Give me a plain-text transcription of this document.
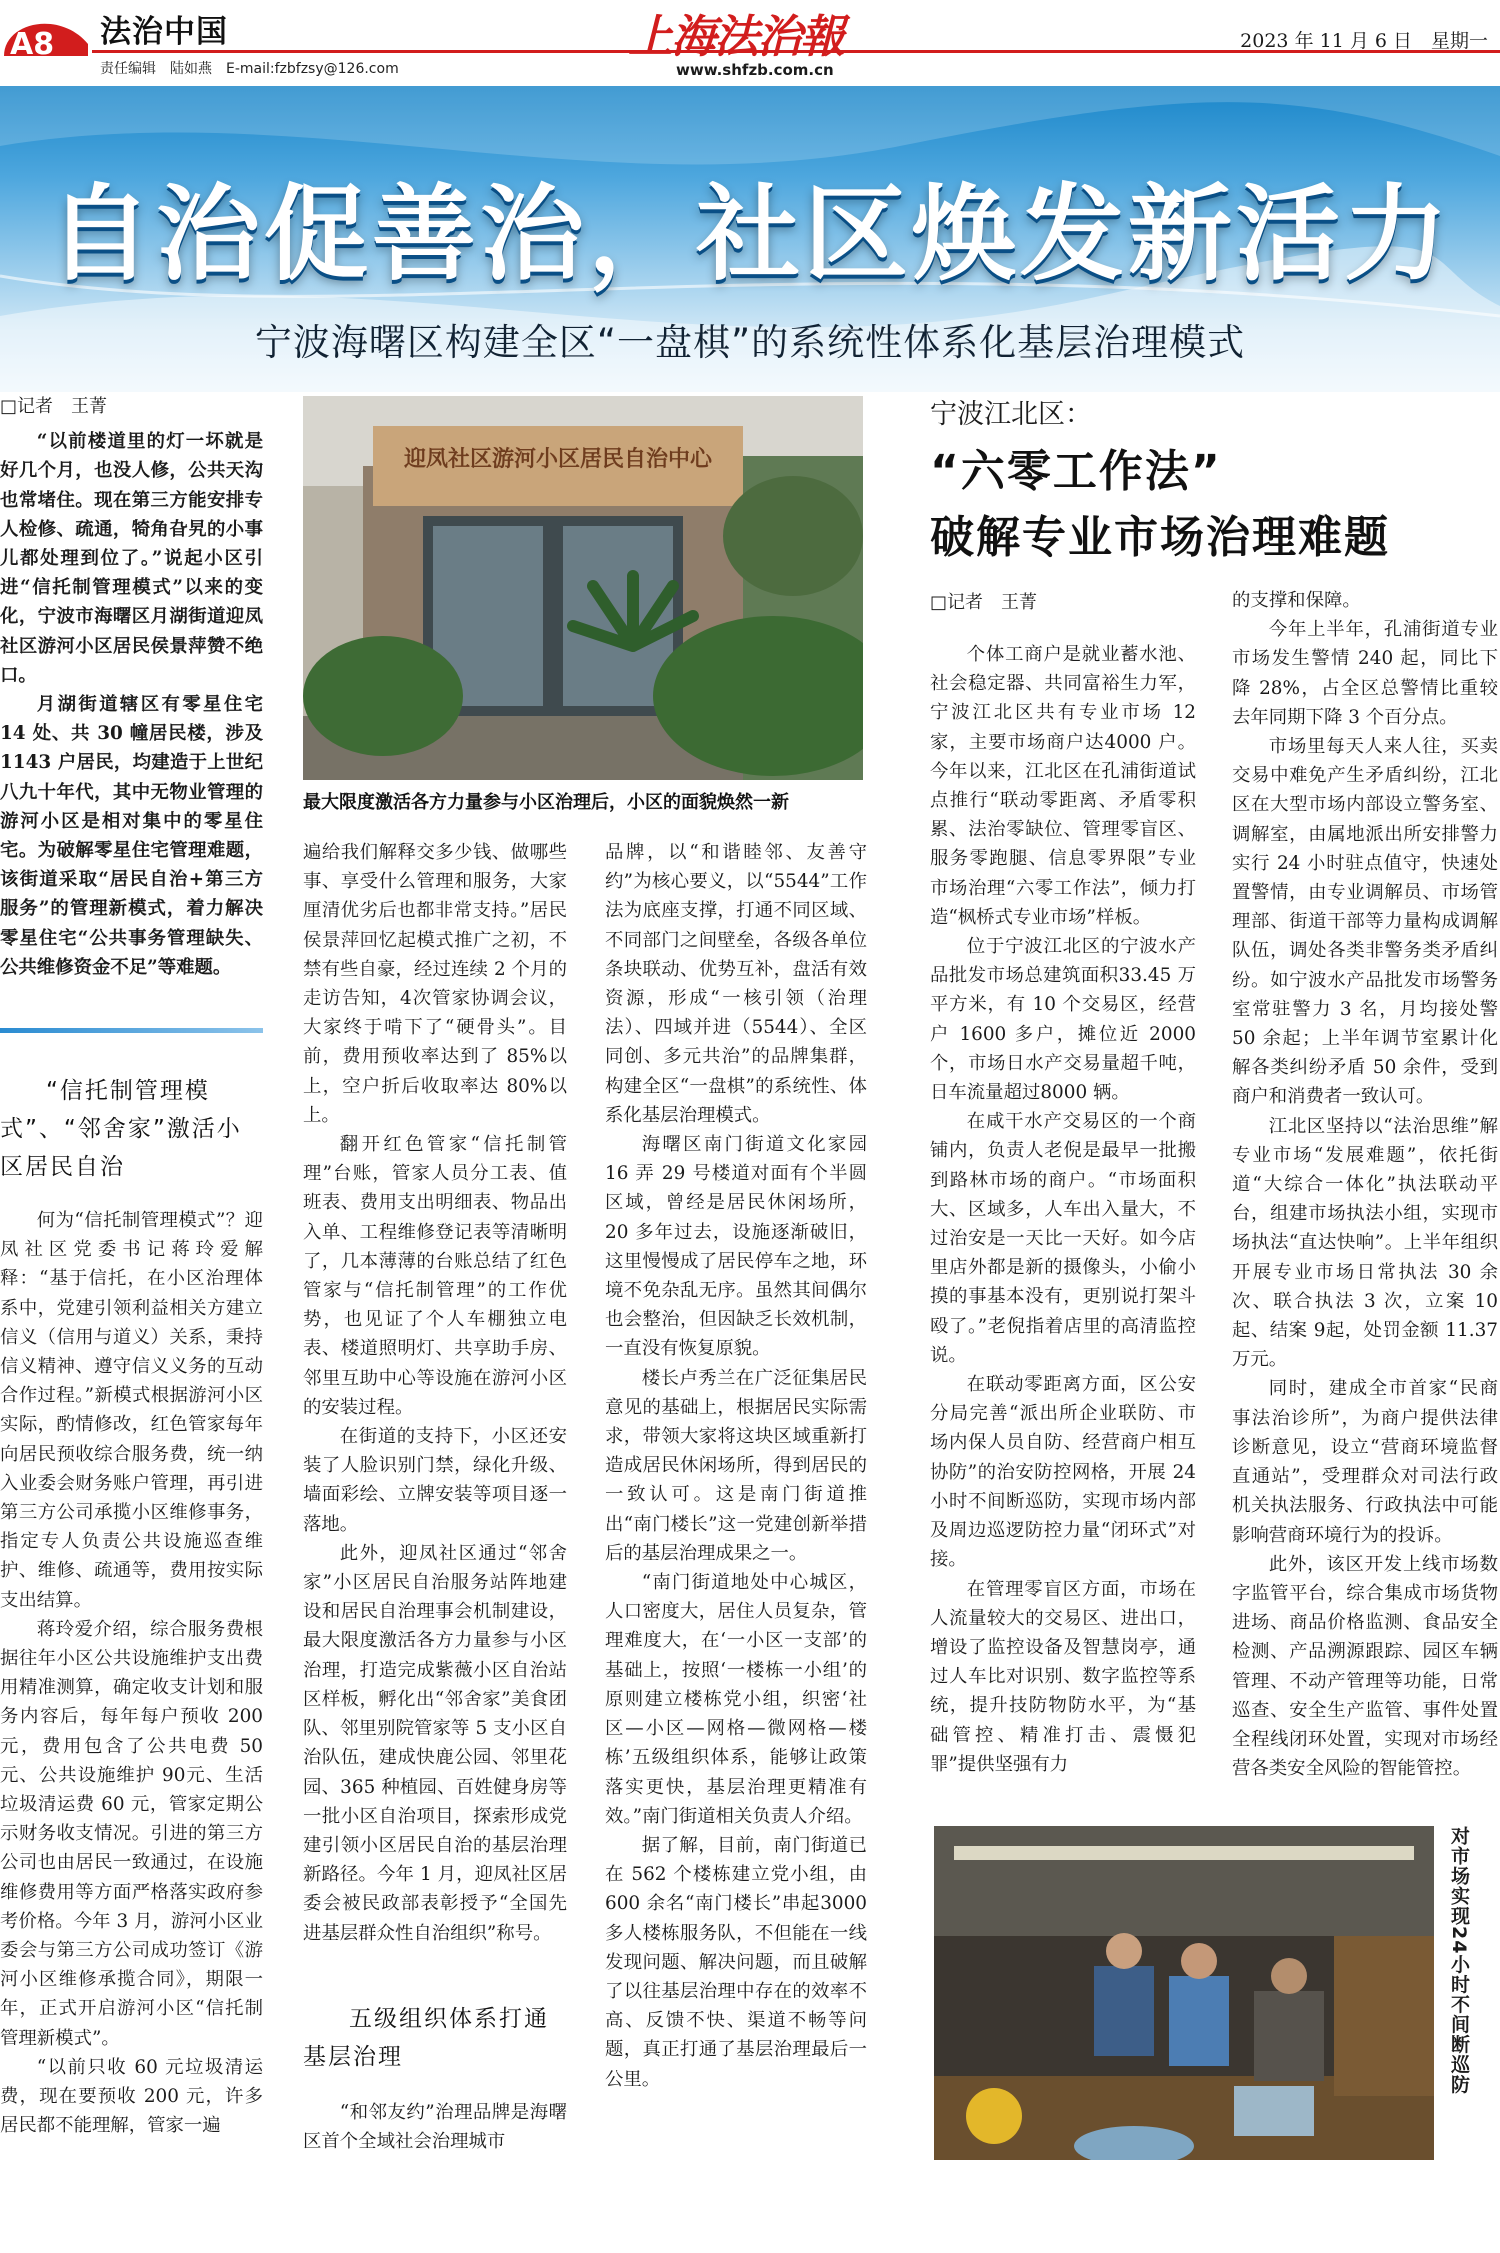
A8 法治中国
责任编辑　陆如燕　E-mail:fzbfzsy@126.com
上海法治報
www.shfzb.com.cn
2023 年 11 月 6 日　星期一
自治促善治，社区焕发新活力
宁波海曙区构建全区“一盘棋”的系统性体系化基层治理模式
□记者　王菁

“以前楼道里的灯一坏就是好几个月，也没人修，公共天沟也常堵住。现在第三方能安排专人检修、疏通，犄角旮旯的小事儿都处理到位了。”说起小区引进“信托制管理模式”以来的变化，宁波市海曙区月湖街道迎凤社区游河小区居民侯景萍赞不绝口。

月湖街道辖区有零星住宅14 处、共 30 幢居民楼，涉及1143 户居民，均建造于上世纪八九十年代，其中无物业管理的游河小区是相对集中的零星住宅。为破解零星住宅管理难题，该街道采取“居民自治+第三方服务”的管理新模式，着力解决零星住宅“公共事务管理缺失、公共维修资金不足”等难题。

“信托制管理模式”、“邻舍家”激活小区居民自治

何为“信托制管理模式”？迎凤社区党委书记蒋玲爱解释：“基于信托，在小区治理体系中，党建引领利益相关方建立信义（信用与道义）关系，秉持信义精神、遵守信义义务的互动合作过程。”新模式根据游河小区实际，酌情修改，红色管家每年向居民预收综合服务费，统一纳入业委会财务账户管理，再引进第三方公司承揽小区维修事务，指定专人负责公共设施巡查维护、维修、疏通等，费用按实际支出结算。

蒋玲爱介绍，综合服务费根据往年小区公共设施维护支出费用精准测算，确定收支计划和服务内容后，每年每户预收 200 元，费用包含了公共电费 50 元、公共设施维护 90元、生活垃圾清运费 60 元，管家定期公示财务收支情况。引进的第三方公司也由居民一致通过，在设施维修费用等方面严格落实政府参考价格。今年 3 月，游河小区业委会与第三方公司成功签订《游河小区维修承揽合同》，期限一年，正式开启游河小区“信托制管理新模式”。

“以前只收 60 元垃圾清运费，现在要预收 200 元，许多居民都不能理解，管家一遍

迎凤社区游河小区居民自治中心
最大限度激活各方力量参与小区治理后，小区的面貌焕然一新

遍给我们解释交多少钱、做哪些事、享受什么管理和服务，大家厘清优劣后也都非常支持。”居民侯景萍回忆起模式推广之初，不禁有些自豪，经过连续 2 个月的走访告知，4次管家协调会议，大家终于啃下了“硬骨头”。目前，费用预收率达到了 85%以上，空户折后收取率达 80%以上。

翻开红色管家“信托制管理”台账，管家人员分工表、值班表、费用支出明细表、物品出入单、工程维修登记表等清晰明了，几本薄薄的台账总结了红色管家与“信托制管理”的工作优势，也见证了个人车棚独立电表、楼道照明灯、共享助手房、邻里互助中心等设施在游河小区的安装过程。

在街道的支持下，小区还安装了人脸识别门禁，绿化升级、墙面彩绘、立牌安装等项目逐一落地。

此外，迎凤社区通过“邻舍家”小区居民自治服务站阵地建设和居民自治理事会机制建设，最大限度激活各方力量参与小区治理，打造完成紫薇小区自治站区样板，孵化出“邻舍家”美食团队、邻里别院管家等 5 支小区自治队伍，建成快鹿公园、邻里花园、365 种植园、百姓健身房等一批小区自治项目，探索形成党建引领小区居民自治的基层治理新路径。今年 1 月，迎凤社区居委会被民政部表彰授予“全国先进基层群众性自治组织”称号。

五级组织体系打通基层治理

“和邻友约”治理品牌是海曙区首个全域社会治理城市

品牌，以“和谐睦邻、友善守约”为核心要义，以“5544”工作法为底座支撑，打通不同区域、不同部门之间壁垒，各级各单位条块联动、优势互补，盘活有效资源，形成“一核引领（治理法）、四域并进（5544）、全区同创、多元共治”的品牌集群，构建全区“一盘棋”的系统性、体系化基层治理模式。

海曙区南门街道文化家园16 弄 29 号楼道对面有个半圆区域，曾经是居民休闲场所，20 多年过去，设施逐渐破旧，这里慢慢成了居民停车之地，环境不免杂乱无序。虽然其间偶尔也会整治，但因缺乏长效机制，一直没有恢复原貌。

楼长卢秀兰在广泛征集居民意见的基础上，根据居民实际需求，带领大家将这块区域重新打造成居民休闲场所，得到居民的一致认可。这是南门街道推出“南门楼长”这一党建创新举措后的基层治理成果之一。

“南门街道地处中心城区，人口密度大，居住人员复杂，管理难度大，在‘一小区一支部’的基础上，按照‘一楼栋一小组’的原则建立楼栋党小组，织密‘社区—小区—网格—微网格—楼栋’五级组织体系，能够让政策落实更快，基层治理更精准有效。”南门街道相关负责人介绍。

据了解，目前，南门街道已在 562 个楼栋建立党小组，由 600 余名“南门楼长”串起3000 多人楼栋服务队，不但能在一线发现问题、解决问题，而且破解了以往基层治理中存在的效率不高、反馈不快、渠道不畅等问题，真正打通了基层治理最后一公里。

宁波江北区：
“六零工作法”
破解专业市场治理难题
□记者　王菁

个体工商户是就业蓄水池、社会稳定器、共同富裕生力军，宁波江北区共有专业市场 12 家，主要市场商户达4000 户。今年以来，江北区在孔浦街道试点推行“联动零距离、矛盾零积累、法治零缺位、管理零盲区、服务零跑腿、信息零界限”专业市场治理“六零工作法”，倾力打造“枫桥式专业市场”样板。

位于宁波江北区的宁波水产品批发市场总建筑面积33.45 万平方米，有 10 个交易区，经营户 1600 多户，摊位近 2000 个，市场日水产交易量超千吨，日车流量超过8000 辆。

在咸干水产交易区的一个商铺内，负责人老倪是最早一批搬到路林市场的商户。“市场面积大、区域多，人车出入量大，不过治安是一天比一天好。如今店里店外都是新的摄像头，小偷小摸的事基本没有，更别说打架斗殴了。”老倪指着店里的高清监控说。

在联动零距离方面，区公安分局完善“派出所企业联防、市场内保人员自防、经营商户相互协防”的治安防控网格，开展 24 小时不间断巡防，实现市场内部及周边巡逻防控力量“闭环式”对接。

在管理零盲区方面，市场在人流量较大的交易区、进出口，增设了监控设备及智慧岗亭，通过人车比对识别、数字监控等系统，提升技防物防水平，为“基础管控、精准打击、震慑犯罪”提供坚强有力

的支撑和保障。

今年上半年，孔浦街道专业市场发生警情 240 起，同比下降 28%，占全区总警情比重较去年同期下降 3 个百分点。

市场里每天人来人往，买卖交易中难免产生矛盾纠纷，江北区在大型市场内部设立警务室、调解室，由属地派出所安排警力实行 24 小时驻点值守，快速处置警情，由专业调解员、市场管理部、街道干部等力量构成调解队伍，调处各类非警务类矛盾纠纷。如宁波水产品批发市场警务室常驻警力 3 名，月均接处警 50 余起；上半年调节室累计化解各类纠纷矛盾 50 余件，受到商户和消费者一致认可。

江北区坚持以“法治思维”解专业市场“发展难题”，依托街道“大综合一体化”执法联动平台，组建市场执法小组，实现市场执法“直达快响”。上半年组织开展专业市场日常执法 30 余次、联合执法 3 次，立案 10 起、结案 9起，处罚金额 11.37 万元。

同时，建成全市首家“民商事法治诊所”，为商户提供法律诊断意见，设立“营商环境监督直通站”，受理群众对司法行政机关执法服务、行政执法中可能影响营商环境行为的投诉。

此外，该区开发上线市场数字监管平台，综合集成市场货物进场、商品价格监测、食品安全检测、产品溯源跟踪、园区车辆管理、不动产管理等功能，日常巡查、安全生产监管、事件处置全程线闭环处置，实现对市场经营各类安全风险的智能管控。

对市场实现24小时不间断巡防
